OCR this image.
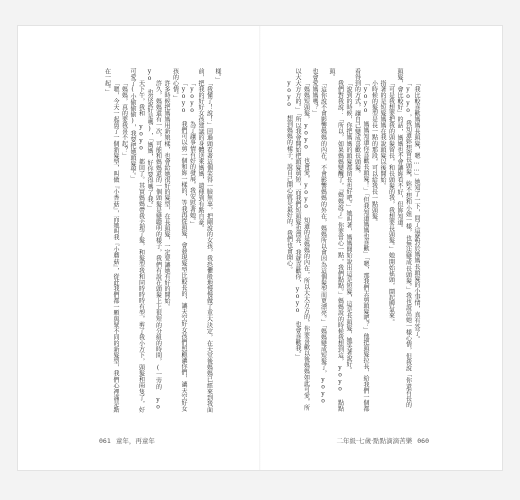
樣。」

「我懂了！說！」回過頭看著這個笑得一臉無辜，把剛說的女孩，我恐懼般地慢慢做了重大決定，在天堂後媽媽已經來到我面前，把我的好好女孩建議的身體送來媽媽，遺傳到有點自豪。

「yoyo 為了讓事情有好的發展，我安慰著她。」

「yoyo 我們可以剪一個和妳一樣的，等我再從頭髮，會發現髮型比較長的，讓天空好女孩們照顧讓你們，讓天空好女孩的心情。」

許多時候把媽媽用新娘樣，也會給她很好的髮型，在長頭髮，一定要讓她有好的開始。

許久，媽媽還有一次，可能和媽媽還的一個頭髮是變聰明的樣子，我們有說在頭髮上上很短的分組的時間，(一旁的 yoyo 也沒說好是嗎)，「媽媽，好你要得嗎了我。」

天下午，我和 yoyo 都回了。其實媽媽帶我去理了髮，和髮型我和同時時時有型，剪了我小方下，頭髮和兩隻了，好可愛了(小偷偷偷)，我要把她頭髮學。」

「媽媽，真的要我喜不起？」

「嗯，今天一起剪了一個新髮型，叫做『小香菇』，而她叫我『小蘑菇』，從此我們都一顆與眾不同的新髮型，我們心裡滿是點在一起。」	「我比較喜歡媽媽長頭髮，嗯……」她知了一下，問了這麼對於媽媽長頭髮的小事情，真有答了。

「yoyo，我知道妳想留長頭髮，妳不想和小姐一樣，也無法變成長頭髮。」我也說出她一樣心情，但我說「你還有長的頭髮，會比較好」的話，媽媽也不會讓妳看不好，但妳知道。

「可是我想要把我的頭髮留長，和長頭髮的我，我想要長頭髮。」她開始搖頭，鬧起脾氣來。

指著的是短髮媽媽在我說頭髮以後開始。

小時候的髮型是長一點的那段，可以給我長一點頭髮。

「yoyo 媽媽知道你喜歡長頭髮！」「但我知道媽媽也喜歡」「嗯，那我們去剪頭髮吧？」他把頭髮拉長，給我們一個都看得到的方式，讓自己變成喜歡長頭髮。

「說到的時候，你把媽媽的頭髮都留長也好吧。」她叫著，媽媽開始說出這是短髮，這是長頭髮，她笑著說好。

我們對我說：「所以，如果媽媽變醜了，『媽媽說了』你要當心一點，我們點點。」媽媽說的時候我想到這，yoyo 點點頭。

「這你說不會影響媽媽的內在，不會影響媽媽的外在，媽媽所以會因為這個髮型而更漂亮。」「媽媽變成短髮了，yoyo 也會愛媽媽嗎？」

「媽媽短頭髮，yoyo 也會愛，yoyo 知道的是媽媽的內在，所以大大方方的，你要喜歡以後媽媽如此可愛，所以大大方方的。」「所以我會開始把頭髮剪短，而我們短頭髮也漂亮，我就喜歡你，yoyo 也會喜歡我。」

yoyo 想到媽媽的樣子，說自己開心就是最好的，我們也會開心。

061 童年，再童年	二年級‧七歲‧點點滴滴苦樂 060
